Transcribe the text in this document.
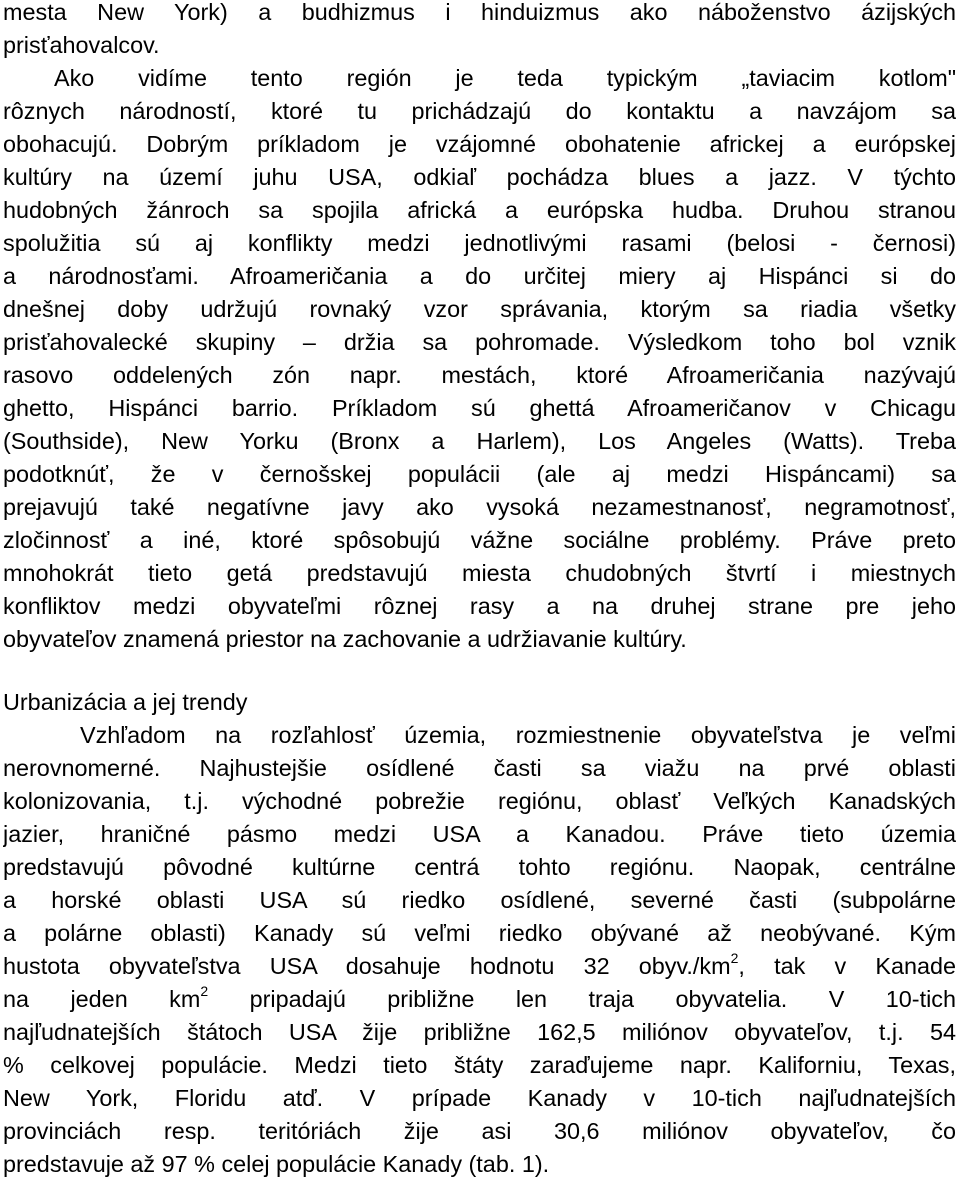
mesta New York) a budhizmus i hinduizmus ako náboženstvo ázijských
prisťahovalcov.
Ako vidíme tento región je teda typickým „taviacim kotlom"
rôznych národností, ktoré tu prichádzajú do kontaktu a navzájom sa
obohacujú. Dobrým príkladom je vzájomné obohatenie africkej a európskej
kultúry na území juhu USA, odkiaľ pochádza blues a jazz. V týchto
hudobných žánroch sa spojila africká a európska hudba. Druhou stranou
spolužitia sú aj konflikty medzi jednotlivými rasami (belosi - černosi)
a národnosťami. Afroameričania a do určitej miery aj Hispánci si do
dnešnej doby udržujú rovnaký vzor správania, ktorým sa riadia všetky
prisťahovalecké skupiny – držia sa pohromade. Výsledkom toho bol vznik
rasovo oddelených zón napr. mestách, ktoré Afroameričania nazývajú
ghetto, Hispánci barrio. Príkladom sú ghettá Afroameričanov v Chicagu
(Southside), New Yorku (Bronx a Harlem), Los Angeles (Watts). Treba
podotknúť, že v černošskej populácii (ale aj medzi Hispáncami) sa
prejavujú také negatívne javy ako vysoká nezamestnanosť, negramotnosť,
zločinnosť a iné, ktoré spôsobujú vážne sociálne problémy. Práve preto
mnohokrát tieto getá predstavujú miesta chudobných štvrtí i miestnych
konfliktov medzi obyvateľmi rôznej rasy a na druhej strane pre jeho
obyvateľov znamená priestor na zachovanie a udržiavanie kultúry.
Urbanizácia a jej trendy
Vzhľadom na rozľahlosť územia, rozmiestnenie obyvateľstva je veľmi
nerovnomerné. Najhustejšie osídlené časti sa viažu na prvé oblasti
kolonizovania, t.j. východné pobrežie regiónu, oblasť Veľkých Kanadských
jazier, hraničné pásmo medzi USA a Kanadou. Práve tieto územia
predstavujú pôvodné kultúrne centrá tohto regiónu. Naopak, centrálne
a horské oblasti USA sú riedko osídlené, severné časti (subpolárne
a polárne oblasti) Kanady sú veľmi riedko obývané až neobývané. Kým
hustota obyvateľstva USA dosahuje hodnotu 32 $obyv./km^2$, tak v Kanade
na jeden $km^2$ pripadajú približne len traja obyvatelia. V 10-tich
najľudnatejších štátoch USA žije približne 162,5 miliónov obyvateľov, t.j. 54
% celkovej populácie. Medzi tieto štáty zaraďujeme napr. Kaliforniu, Texas,
New York, Floridu atď. V prípade Kanady v 10-tich najľudnatejších
provinciách resp. teritóriách žije asi 30,6 miliónov obyvateľov, čo
predstavuje až 97 % celej populácie Kanady (tab. 1).
